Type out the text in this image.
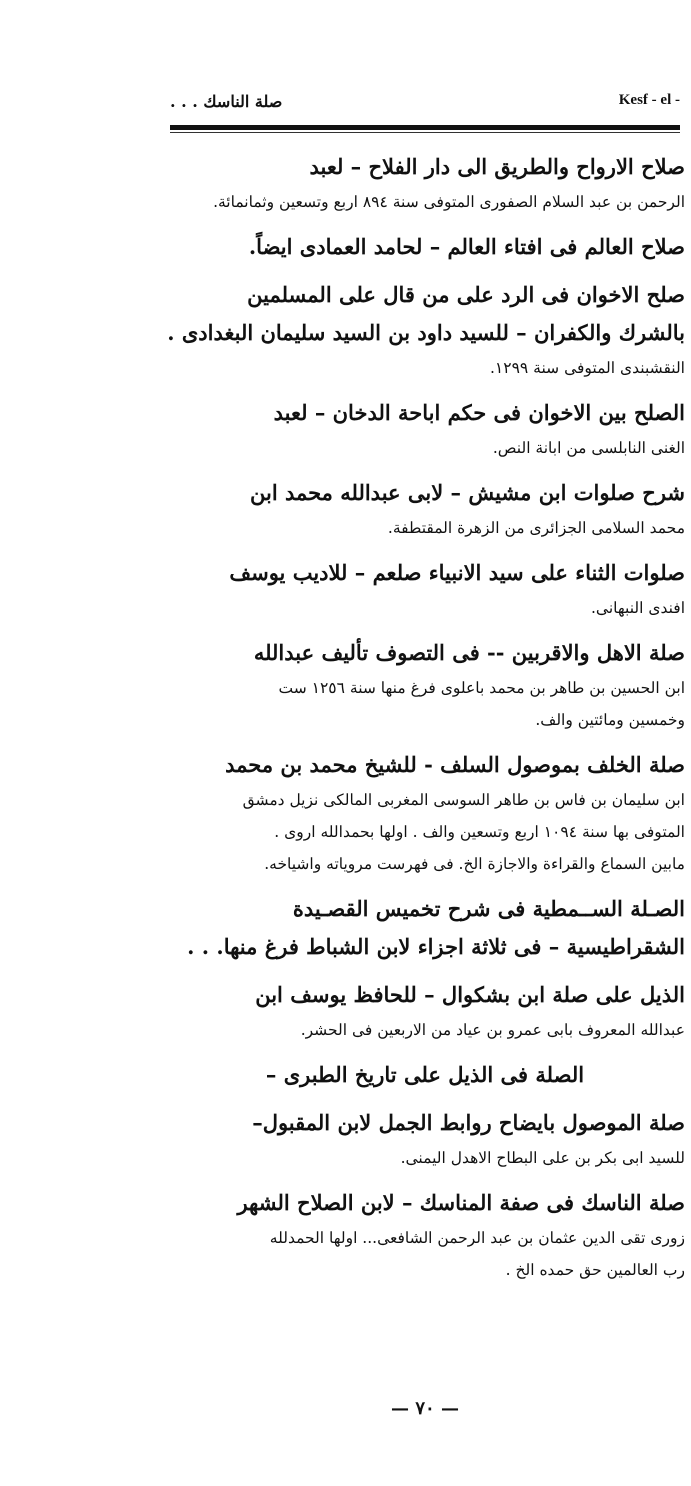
صلة الناسك . . .	Kesf - el -
صلاح الارواح والطريق الى دار الفلاح – لعبد
الرحمن بن عبد السلام الصفورى المتوفى سنة ٨٩٤ اربع وتسعين وثمانمائة.
صلاح العالم فى افتاء العالم – لحامد العمادى ايضاً.
صلح الاخوان فى الرد على من قال على المسلمين
بالشرك والكفران – للسيد داود بن السيد سليمان البغدادى .
النقشبندى المتوفى سنة ١٢٩٩.
الصلح بين الاخوان فى حكم اباحة الدخان – لعبد
الغنى النابلسى من ابانة النص.
شرح صلوات ابن مشيش – لابى عبدالله محمد ابن
محمد السلامى الجزائرى من الزهرة المقتطفة.
صلوات الثناء على سيد الانبياء صلعم – للاديب يوسف
افندى النبهانى.
صلة الاهل والاقربين -- فى التصوف تأليف عبدالله
ابن الحسين بن طاهر بن محمد باعلوى فرغ منها سنة ١٢٥٦ ست
وخمسين ومائتين والف.
صلة الخلف بموصول السلف - للشيخ محمد بن محمد
ابن سليمان بن فاس بن طاهر السوسى المغربى المالكى نزيل دمشق
المتوفى بها سنة ١٠٩٤ اربع وتسعين والف . اولها بحمدالله اروى .
مابين السماع والقراءة والاجازة الخ. فى فهرست مروياته واشياخه.
الصـلة الســمطية فى شرح تخميس القصـيدة
الشقراطيسية – فى ثلاثة اجزاء لابن الشباط فرغ منها. . .
الذيل على صلة ابن بشكوال – للحافظ يوسف ابن
عبدالله المعروف بابى عمرو بن عياد من الاربعين فى الحشر.
الصلة فى الذيل على تاريخ الطبرى –
صلة الموصول بايضاح روابط الجمل لابن المقبول–
للسيد ابى بكر بن على البطاح الاهدل اليمنى.
صلة الناسك فى صفة المناسك – لابن الصلاح الشهر
زورى تقى الدين عثمان بن عبد الرحمن الشافعى... اولها الحمدلله
رب العالمين حق حمده الخ .
— ٧٠ —
